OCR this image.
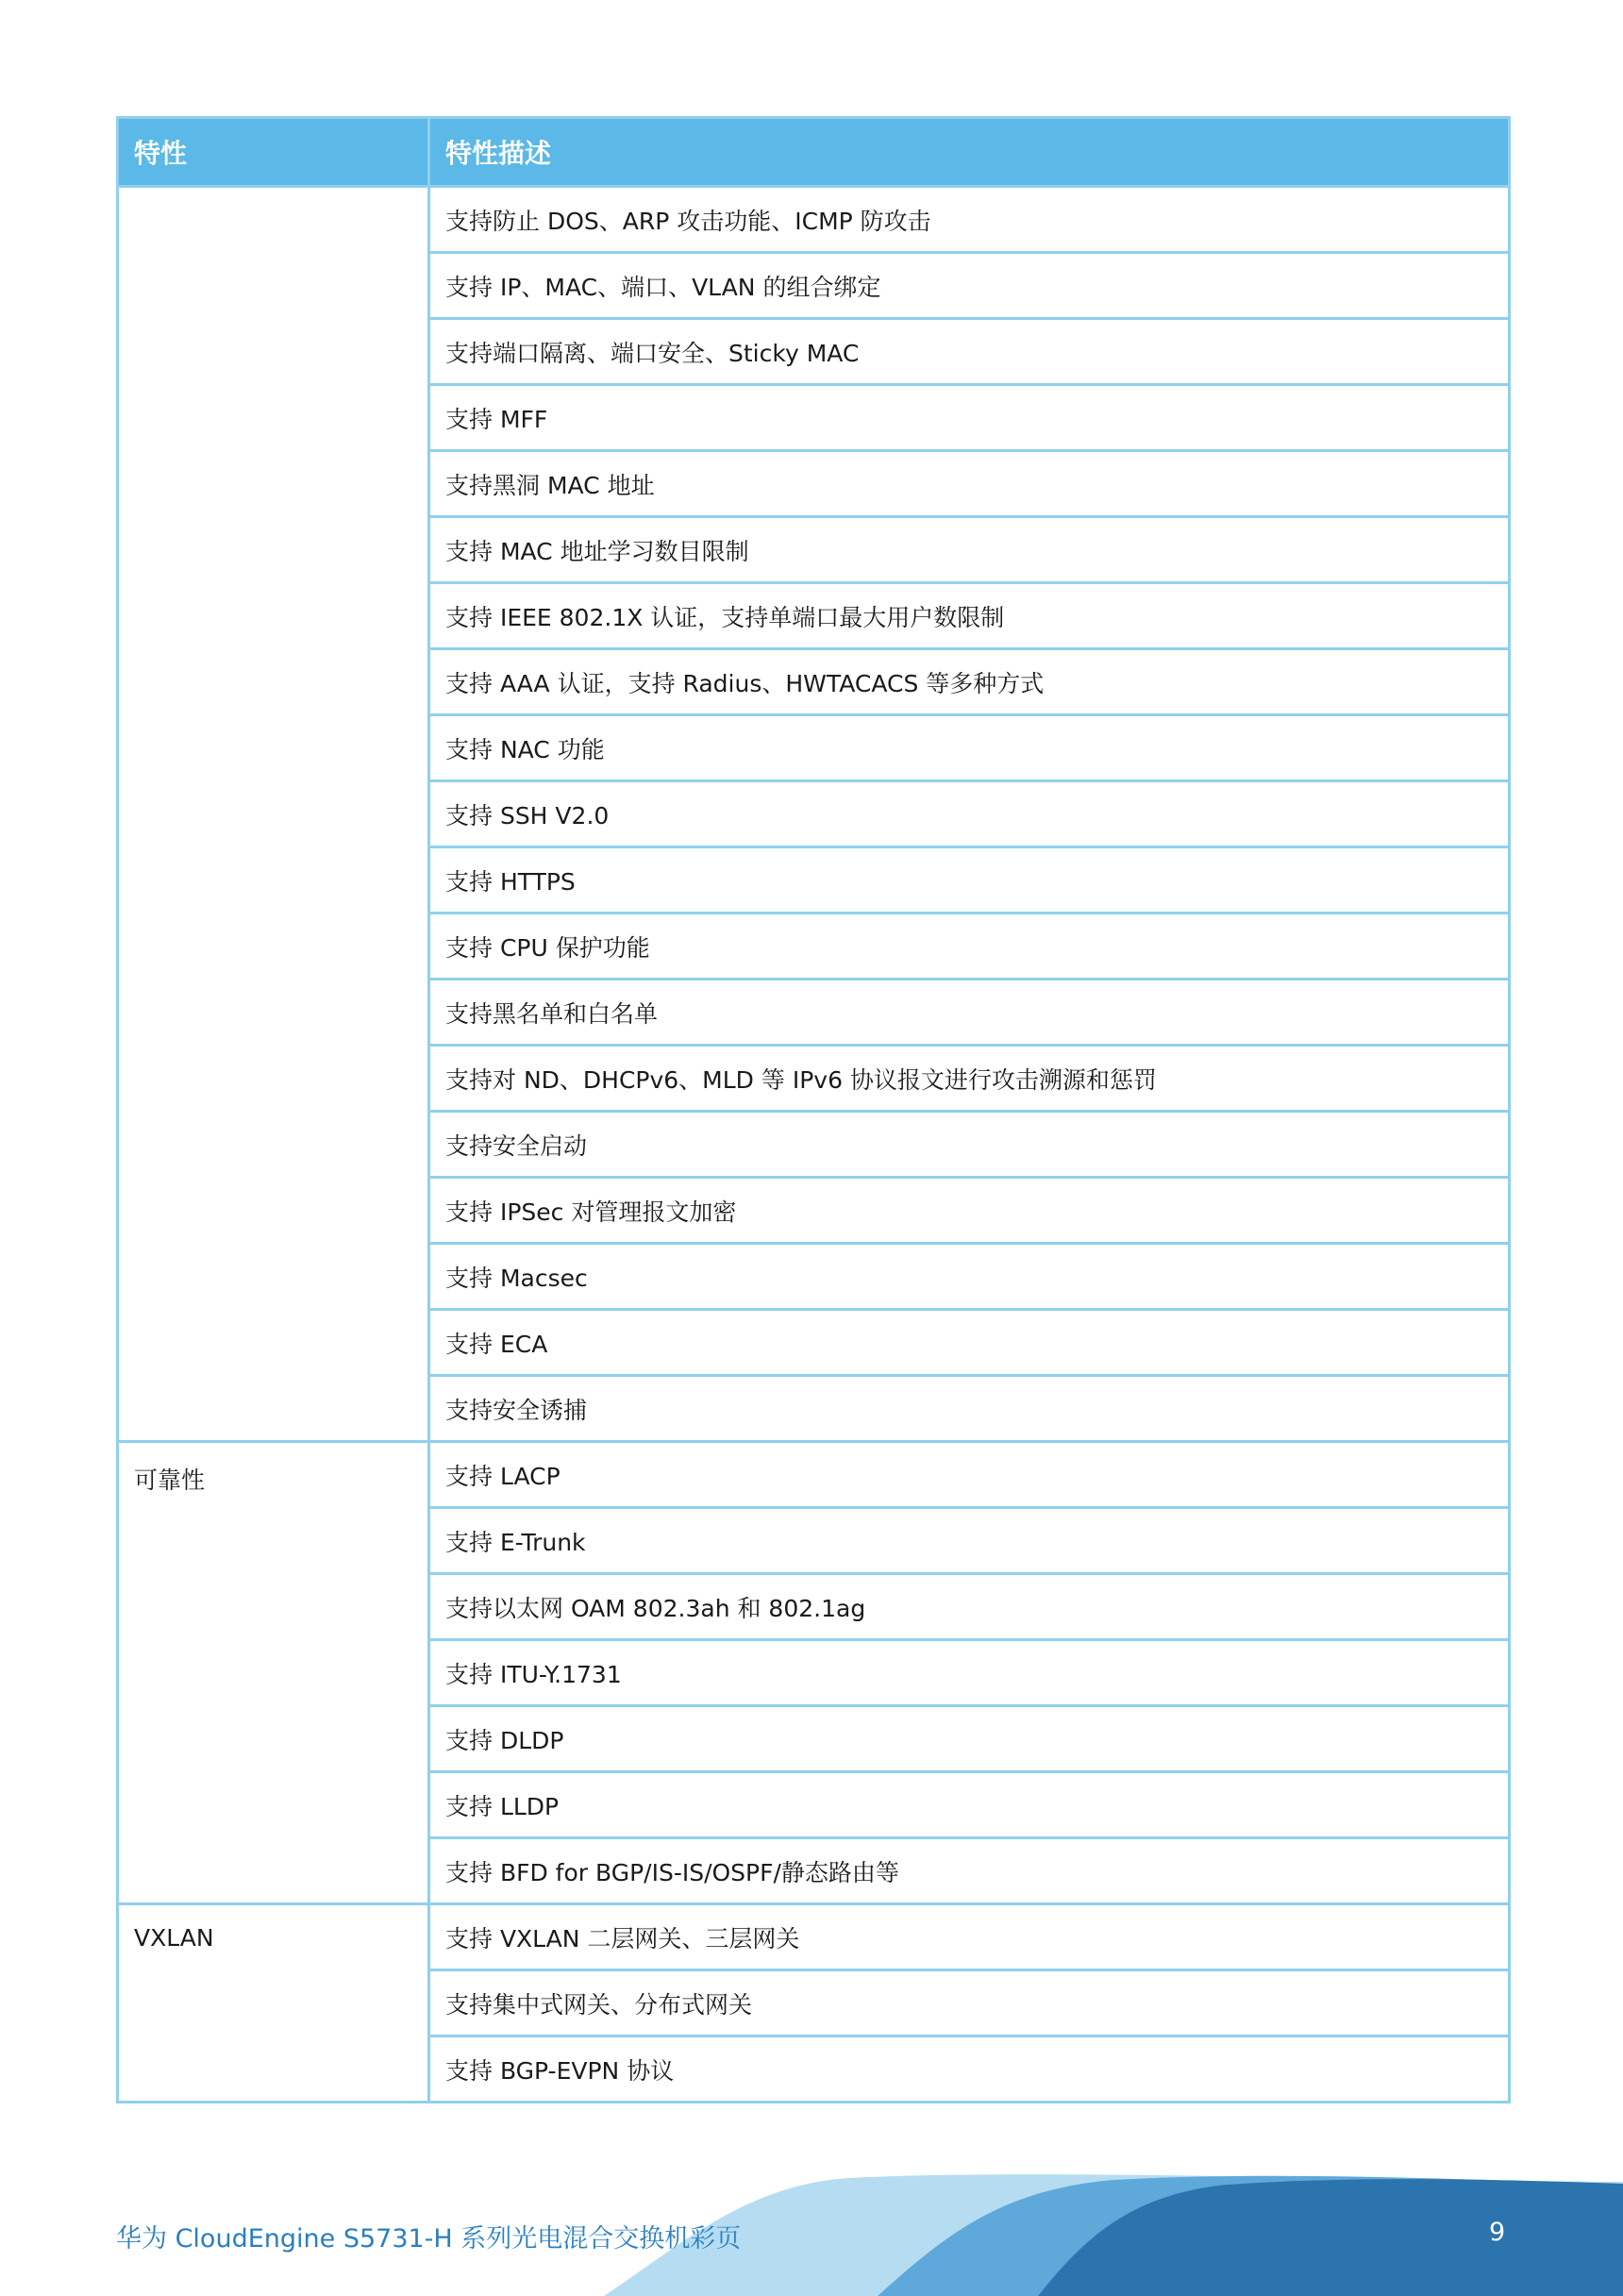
特性	特性描述
	支持防止 DOS、ARP 攻击功能、ICMP 防攻击
	支持 IP、MAC、端口、VLAN 的组合绑定
	支持端口隔离、端口安全、Sticky MAC
	支持 MFF
	支持黑洞 MAC 地址
	支持 MAC 地址学习数目限制
	支持 IEEE 802.1X 认证，支持单端口最大用户数限制
	支持 AAA 认证，支持 Radius、HWTACACS 等多种方式
	支持 NAC 功能
	支持 SSH V2.0
	支持 HTTPS
	支持 CPU 保护功能
	支持黑名单和白名单
	支持对 ND、DHCPv6、MLD 等 IPv6 协议报文进行攻击溯源和惩罚
	支持安全启动
	支持 IPSec 对管理报文加密
	支持 Macsec
	支持 ECA
	支持安全诱捕
可靠性	支持 LACP
	支持 E-Trunk
	支持以太网 OAM 802.3ah 和 802.1ag
	支持 ITU-Y.1731
	支持 DLDP
	支持 LLDP
	支持 BFD for BGP/IS-IS/OSPF/静态路由等
VXLAN	支持 VXLAN 二层网关、三层网关
	支持集中式网关、分布式网关
	支持 BGP-EVPN 协议
华为 CloudEngine S5731-H 系列光电混合交换机彩页	9
